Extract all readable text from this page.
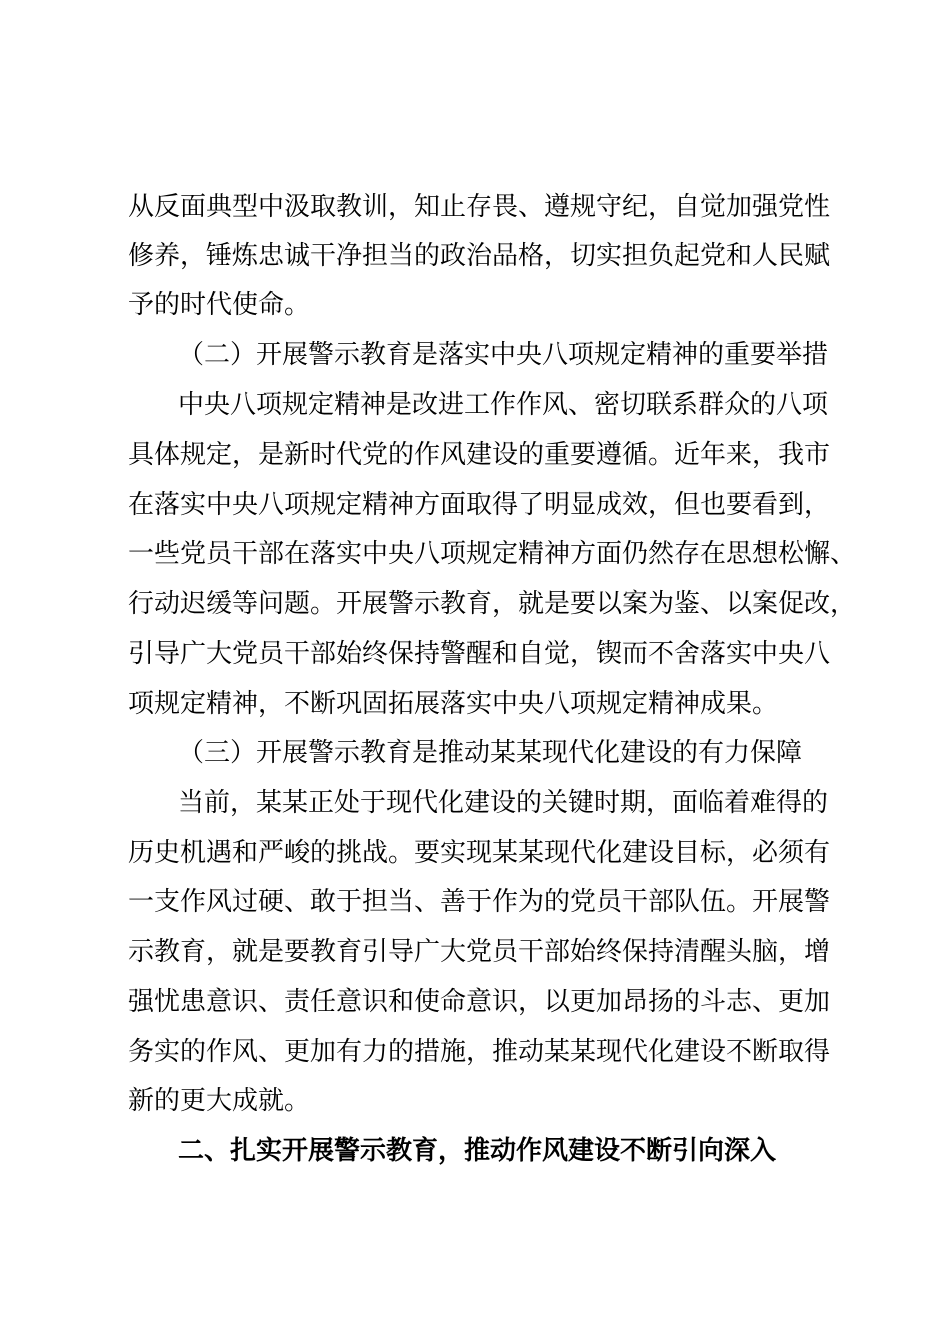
从反面典型中汲取教训，知止存畏、遵规守纪，自觉加强党性
修养，锤炼忠诚干净担当的政治品格，切实担负起党和人民赋
予的时代使命。
（二）开展警示教育是落实中央八项规定精神的重要举措
中央八项规定精神是改进工作作风、密切联系群众的八项
具体规定，是新时代党的作风建设的重要遵循。近年来，我市
在落实中央八项规定精神方面取得了明显成效，但也要看到，
一些党员干部在落实中央八项规定精神方面仍然存在思想松懈、
行动迟缓等问题。开展警示教育，就是要以案为鉴、以案促改，
引导广大党员干部始终保持警醒和自觉，锲而不舍落实中央八
项规定精神，不断巩固拓展落实中央八项规定精神成果。
（三）开展警示教育是推动某某现代化建设的有力保障
当前，某某正处于现代化建设的关键时期，面临着难得的
历史机遇和严峻的挑战。要实现某某现代化建设目标，必须有
一支作风过硬、敢于担当、善于作为的党员干部队伍。开展警
示教育，就是要教育引导广大党员干部始终保持清醒头脑，增
强忧患意识、责任意识和使命意识，以更加昂扬的斗志、更加
务实的作风、更加有力的措施，推动某某现代化建设不断取得
新的更大成就。
二、扎实开展警示教育，推动作风建设不断引向深入
